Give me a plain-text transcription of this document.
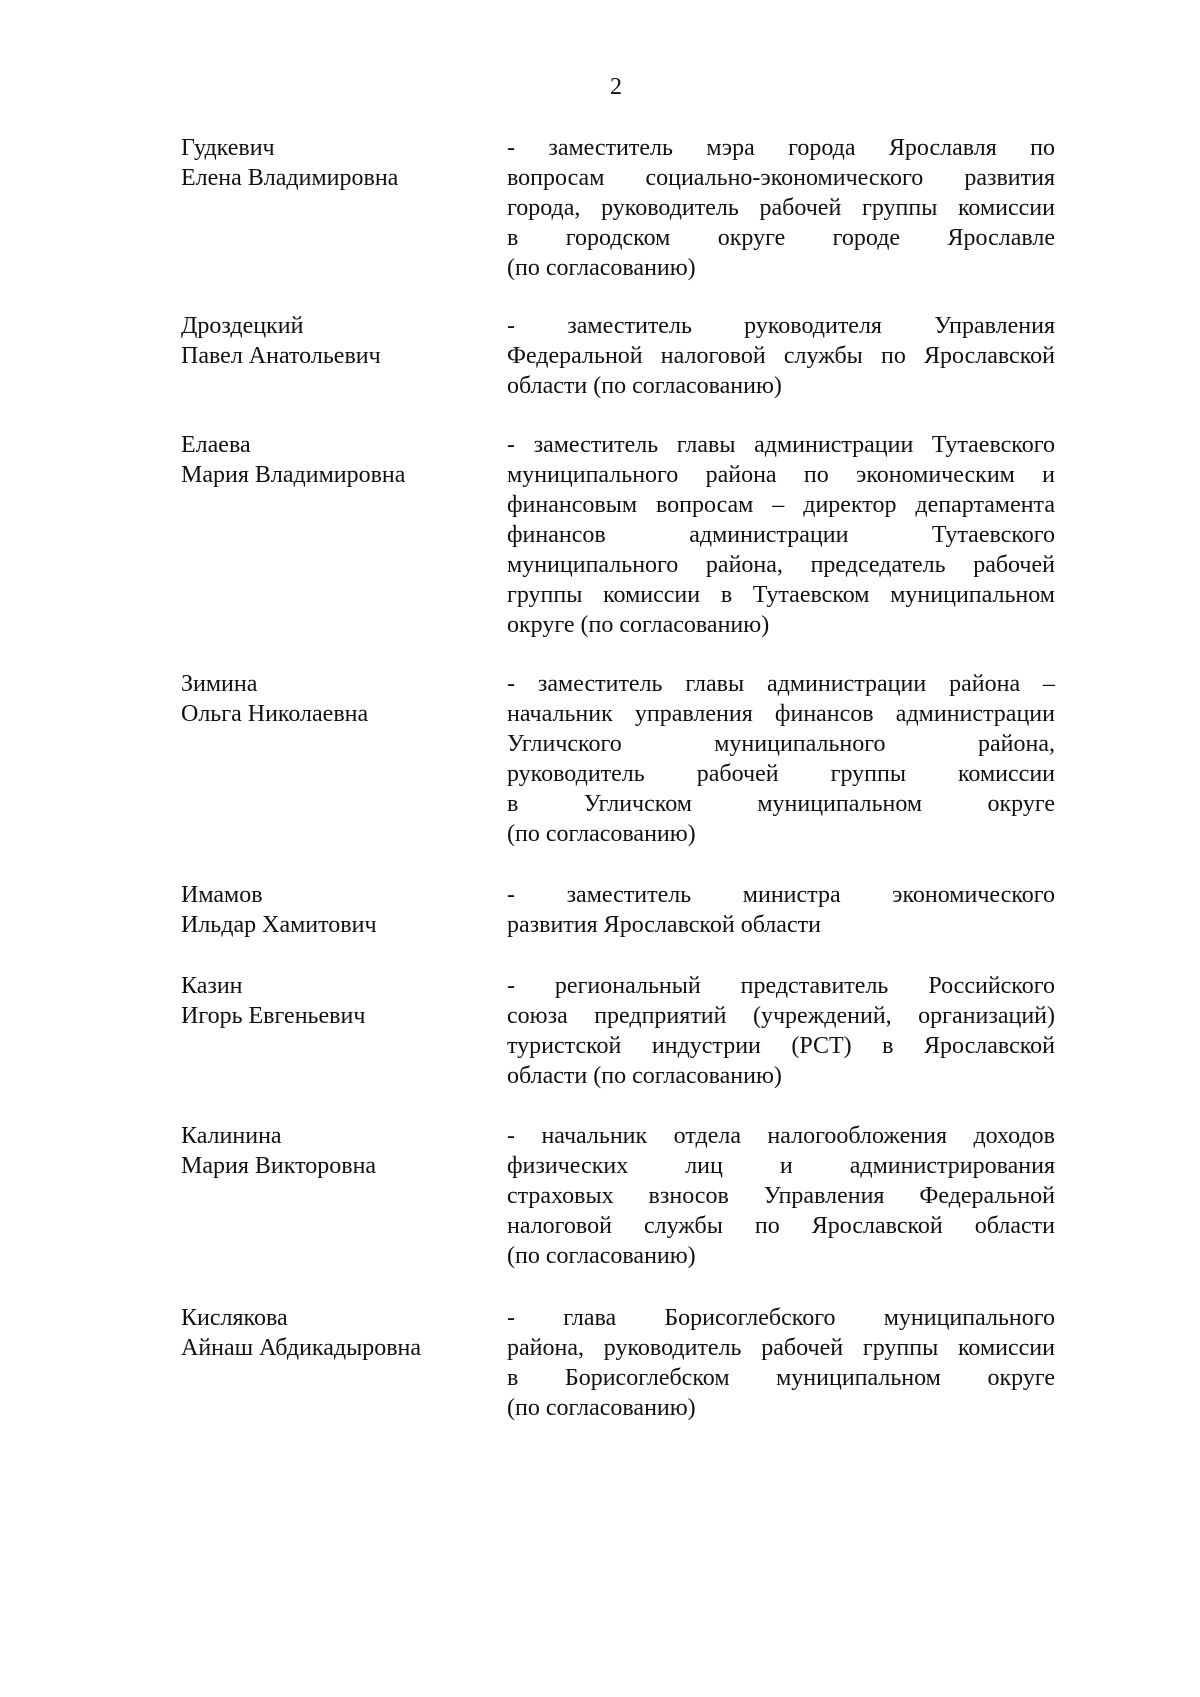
2
Гудкевич
Елена Владимировна
- заместитель мэра города Ярославля по
вопросам социально-экономического развития
города, руководитель рабочей группы комиссии
в городском округе городе Ярославле
(по согласованию)
Дроздецкий
Павел Анатольевич
- заместитель руководителя Управления
Федеральной налоговой службы по Ярославской
области (по согласованию)
Елаева
Мария Владимировна
- заместитель главы администрации Тутаевского
муниципального района по экономическим и
финансовым вопросам – директор департамента
финансов администрации Тутаевского
муниципального района, председатель рабочей
группы комиссии в Тутаевском муниципальном
округе (по согласованию)
Зимина
Ольга Николаевна
- заместитель главы администрации района –
начальник управления финансов администрации
Угличского муниципального района,
руководитель рабочей группы комиссии
в Угличском муниципальном округе
(по согласованию)
Имамов
Ильдар Хамитович
- заместитель министра экономического
развития Ярославской области
Казин
Игорь Евгеньевич
- региональный представитель Российского
союза предприятий (учреждений, организаций)
туристской индустрии (РСТ) в Ярославской
области (по согласованию)
Калинина
Мария Викторовна
- начальник отдела налогообложения доходов
физических лиц и администрирования
страховых взносов Управления Федеральной
налоговой службы по Ярославской области
(по согласованию)
Кислякова
Айнаш Абдикадыровна
- глава Борисоглебского муниципального
района, руководитель рабочей группы комиссии
в Борисоглебском муниципальном округе
(по согласованию)
